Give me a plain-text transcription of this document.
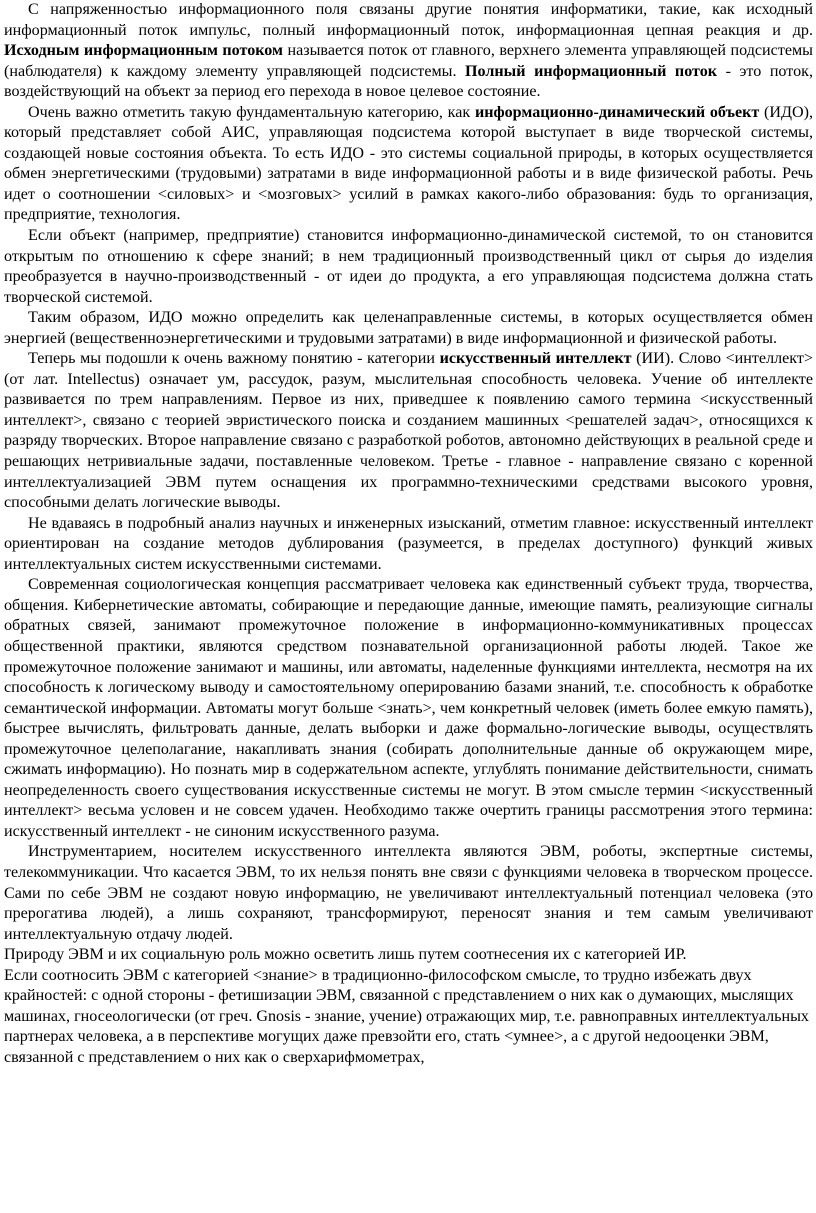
С напряженностью информационного поля связаны другие понятия информатики, такие, как исходный информационный поток импульс, полный информационный поток, информационная цепная реакция и др. Исходным информационным потоком называется поток от главного, верхнего элемента управляющей подсистемы (наблюдателя) к каждому элементу управляющей подсистемы. Полный информационный поток - это поток, воздействующий на объект за период его перехода в новое целевое состояние.

Очень важно отметить такую фундаментальную категорию, как информационно-динамический объект (ИДО), который представляет собой АИС, управляющая подсистема которой выступает в виде творческой системы, создающей новые состояния объекта. То есть ИДО - это системы социальной природы, в которых осуществляется обмен энергетическими (трудовыми) затратами в виде информационной работы и в виде физической работы. Речь идет о соотношении <силовых> и <мозговых> усилий в рамках какого-либо образования: будь то организация, предприятие, технология.

Если объект (например, предприятие) становится информационно-динамической системой, то он становится открытым по отношению к сфере знаний; в нем традиционный производственный цикл от сырья до изделия преобразуется в научно-производственный - от идеи до продукта, а его управляющая подсистема должна стать творческой системой.

Таким образом, ИДО можно определить как целенаправленные системы, в которых осуществляется обмен энергией (вещественноэнергетическими и трудовыми затратами) в виде информационной и физической работы.

Теперь мы подошли к очень важному понятию - категории искусственный интеллект (ИИ). Слово <интеллект> (от лат. Intellectus) означает ум, рассудок, разум, мыслительная способность человека. Учение об интеллекте развивается по трем направлениям. Первое из них, приведшее к появлению самого термина <искусственный интеллект>, связано с теорией эвристического поиска и созданием машинных <решателей задач>, относящихся к разряду творческих. Второе направление связано с разработкой роботов, автономно действующих в реальной среде и решающих нетривиальные задачи, поставленные человеком. Третье - главное - направление связано с коренной интеллектуализацией ЭВМ путем оснащения их программно-техническими средствами высокого уровня, способными делать логические выводы.

Не вдаваясь в подробный анализ научных и инженерных изысканий, отметим главное: искусственный интеллект ориентирован на создание методов дублирования (разумеется, в пределах доступного) функций живых интеллектуальных систем искусственными системами.

Современная социологическая концепция рассматривает человека как единственный субъект труда, творчества, общения. Кибернетические автоматы, собирающие и передающие данные, имеющие память, реализующие сигналы обратных связей, занимают промежуточное положение в информационно-коммуникативных процессах общественной практики, являются средством познавательной организационной работы людей. Такое же промежуточное положение занимают и машины, или автоматы, наделенные функциями интеллекта, несмотря на их способность к логическому выводу и самостоятельному оперированию базами знаний, т.е. способность к обработке семантической информации. Автоматы могут больше <знать>, чем конкретный человек (иметь более емкую память), быстрее вычислять, фильтровать данные, делать выборки и даже формально-логические выводы, осуществлять промежуточное целеполагание, накапливать знания (собирать дополнительные данные об окружающем мире, сжимать информацию). Но познать мир в содержательном аспекте, углублять понимание действительности, снимать неопределенность своего существования искусственные системы не могут. В этом смысле термин <искусственный интеллект> весьма условен и не совсем удачен. Необходимо также очертить границы рассмотрения этого термина: искусственный интеллект - не синоним искусственного разума.

Инструментарием, носителем искусственного интеллекта являются ЭВМ, роботы, экспертные системы, телекоммуникации. Что касается ЭВМ, то их нельзя понять вне связи с функциями человека в творческом процессе. Сами по себе ЭВМ не создают новую информацию, не увеличивают интеллектуальный потенциал человека (это прерогатива людей), а лишь сохраняют, трансформируют, переносят знания и тем самым увеличивают интеллектуальную отдачу людей.

Природу ЭВМ и их социальную роль можно осветить лишь путем соотнесения их с категорией ИР.

Если соотносить ЭВМ с категорией <знание> в традиционно-философском смысле, то трудно избежать двух крайностей: с одной стороны - фетишизации ЭВМ, связанной с представлением о них как о думающих, мыслящих машинах, гносеологически (от греч. Gnosis - знание, учение) отражающих мир, т.е. равноправных интеллектуальных партнерах человека, а в перспективе могущих даже превзойти его, стать <умнее>, а с другой недооценки ЭВМ, связанной с представлением о них как о сверхарифмометрах,
